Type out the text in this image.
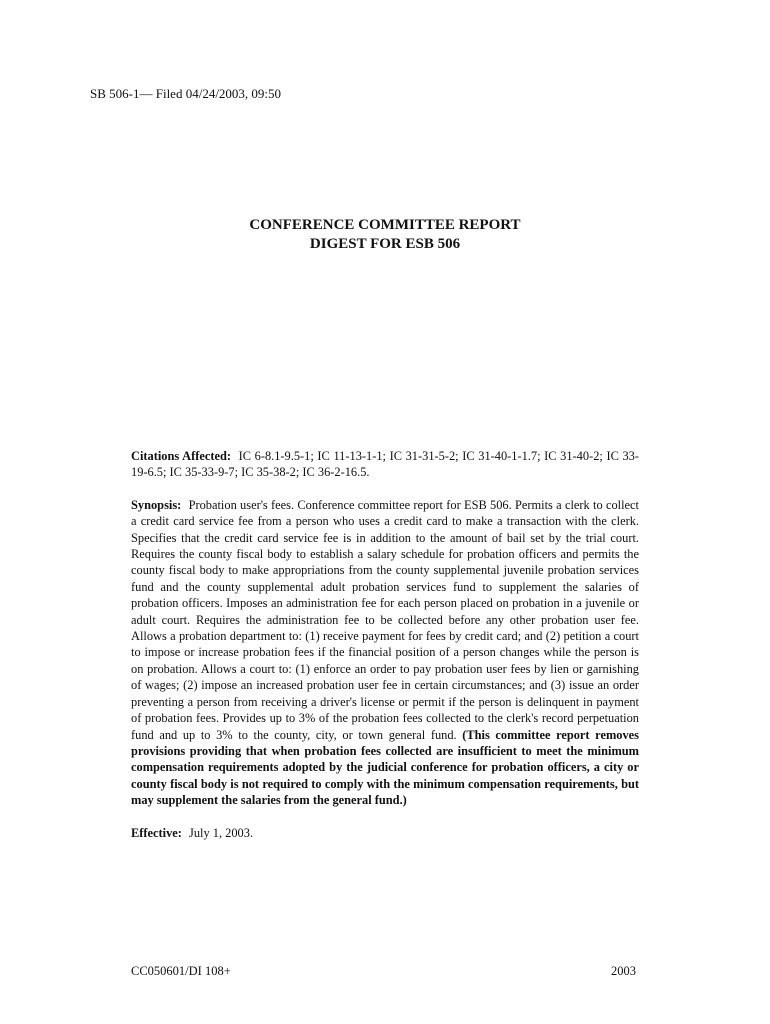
SB 506-1— Filed 04/24/2003, 09:50
CONFERENCE COMMITTEE REPORT
DIGEST FOR ESB 506

Citations Affected: IC 6-8.1-9.5-1; IC 11-13-1-1; IC 31-31-5-2; IC 31-40-1-1.7; IC 31-40-2; IC 33-19-6.5; IC 35-33-9-7; IC 35-38-2; IC 36-2-16.5.

Synopsis: Probation user's fees. Conference committee report for ESB 506. Permits a clerk to collect a credit card service fee from a person who uses a credit card to make a transaction with the clerk. Specifies that the credit card service fee is in addition to the amount of bail set by the trial court. Requires the county fiscal body to establish a salary schedule for probation officers and permits the county fiscal body to make appropriations from the county supplemental juvenile probation services fund and the county supplemental adult probation services fund to supplement the salaries of probation officers. Imposes an administration fee for each person placed on probation in a juvenile or adult court. Requires the administration fee to be collected before any other probation user fee. Allows a probation department to: (1) receive payment for fees by credit card; and (2) petition a court to impose or increase probation fees if the financial position of a person changes while the person is on probation. Allows a court to: (1) enforce an order to pay probation user fees by lien or garnishing of wages; (2) impose an increased probation user fee in certain circumstances; and (3) issue an order preventing a person from receiving a driver's license or permit if the person is delinquent in payment of probation fees. Provides up to 3% of the probation fees collected to the clerk's record perpetuation fund and up to 3% to the county, city, or town general fund. (This committee report removes provisions providing that when probation fees collected are insufficient to meet the minimum compensation requirements adopted by the judicial conference for probation officers, a city or county fiscal body is not required to comply with the minimum compensation requirements, but may supplement the salaries from the general fund.)

Effective: July 1, 2003.

CC050601/DI 108+	2003
